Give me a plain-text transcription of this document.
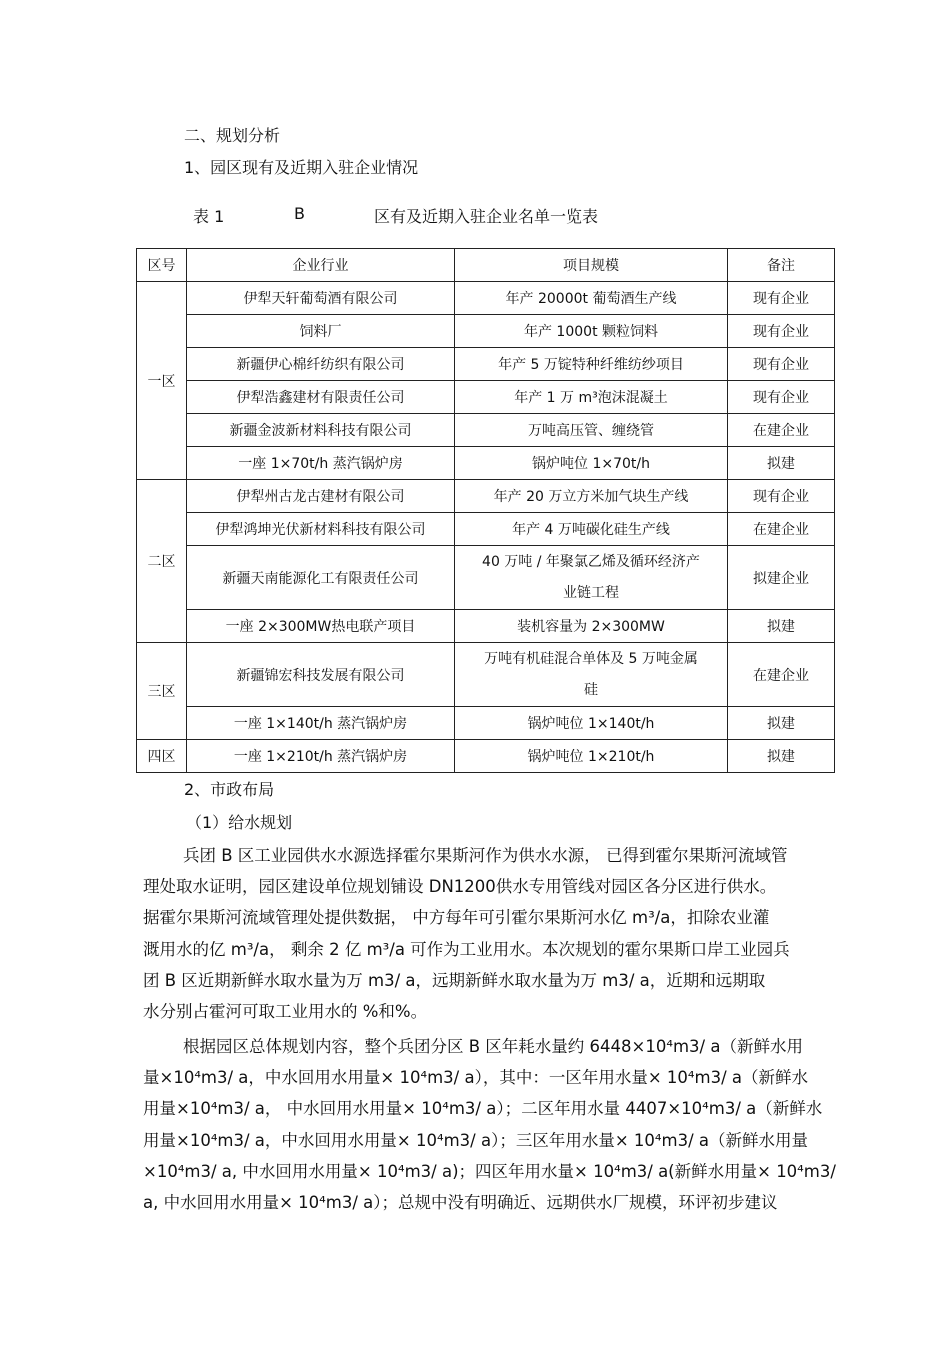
二、规划分析
1、园区现有及近期入驻企业情况
表 1	B	区有及近期入驻企业名单一览表
区号	企业行业	项目规模	备注
一区	伊犁天轩葡萄酒有限公司	年产 20000t 葡萄酒生产线	现有企业
	饲料厂	年产 1000t 颗粒饲料	现有企业
	新疆伊心棉纤纺织有限公司	年产 5 万锭特种纤维纺纱项目	现有企业
	伊犁浩鑫建材有限责任公司	年产 1 万 m³泡沫混凝土	现有企业
	新疆金波新材料科技有限公司	万吨高压管、缠绕管	在建企业
	一座 1×70t/h 蒸汽锅炉房	锅炉吨位 1×70t/h	拟建
二区	伊犁州古龙古建材有限公司	年产 20 万立方米加气块生产线	现有企业
	伊犁鸿坤光伏新材料科技有限公司	年产 4 万吨碳化硅生产线	在建企业
	新疆天南能源化工有限责任公司	40 万吨 / 年聚氯乙烯及循环经济产
业链工程	拟建企业
	一座 2×300MW热电联产项目	装机容量为 2×300MW	拟建
三区	新疆锦宏科技发展有限公司	万吨有机硅混合单体及 5 万吨金属
硅	在建企业
	一座 1×140t/h 蒸汽锅炉房	锅炉吨位 1×140t/h	拟建
四区	一座 1×210t/h 蒸汽锅炉房	锅炉吨位 1×210t/h	拟建
2、市政布局
（1）给水规划

兵团 B 区工业园供水水源选择霍尔果斯河作为供水水源， 已得到霍尔果斯河流域管

理处取水证明，园区建设单位规划铺设 DN1200供水专用管线对园区各分区进行供水。

据霍尔果斯河流域管理处提供数据， 中方每年可引霍尔果斯河水亿 m³/a，扣除农业灌

溉用水的亿 m³/a， 剩余 2 亿 m³/a 可作为工业用水。本次规划的霍尔果斯口岸工业园兵

团 B 区近期新鲜水取水量为万 m3/ a，远期新鲜水取水量为万 m3/ a，近期和远期取

水分别占霍河可取工业用水的 %和%。

根据园区总体规划内容，整个兵团分区 B 区年耗水量约 6448×10⁴m3/ a（新鲜水用

量×10⁴m3/ a，中水回用水用量× 10⁴m3/ a），其中：一区年用水量× 10⁴m3/ a（新鲜水

用量×10⁴m3/ a， 中水回用水用量× 10⁴m3/ a）；二区年用水量 4407×10⁴m3/ a（新鲜水

用量×10⁴m3/ a，中水回用水用量× 10⁴m3/ a）；三区年用水量× 10⁴m3/ a（新鲜水用量

×10⁴m3/ a, 中水回用水用量× 10⁴m3/ a)；四区年用水量× 10⁴m3/ a(新鲜水用量× 10⁴m3/

a, 中水回用水用量× 10⁴m3/ a）；总规中没有明确近、远期供水厂规模，环评初步建议
